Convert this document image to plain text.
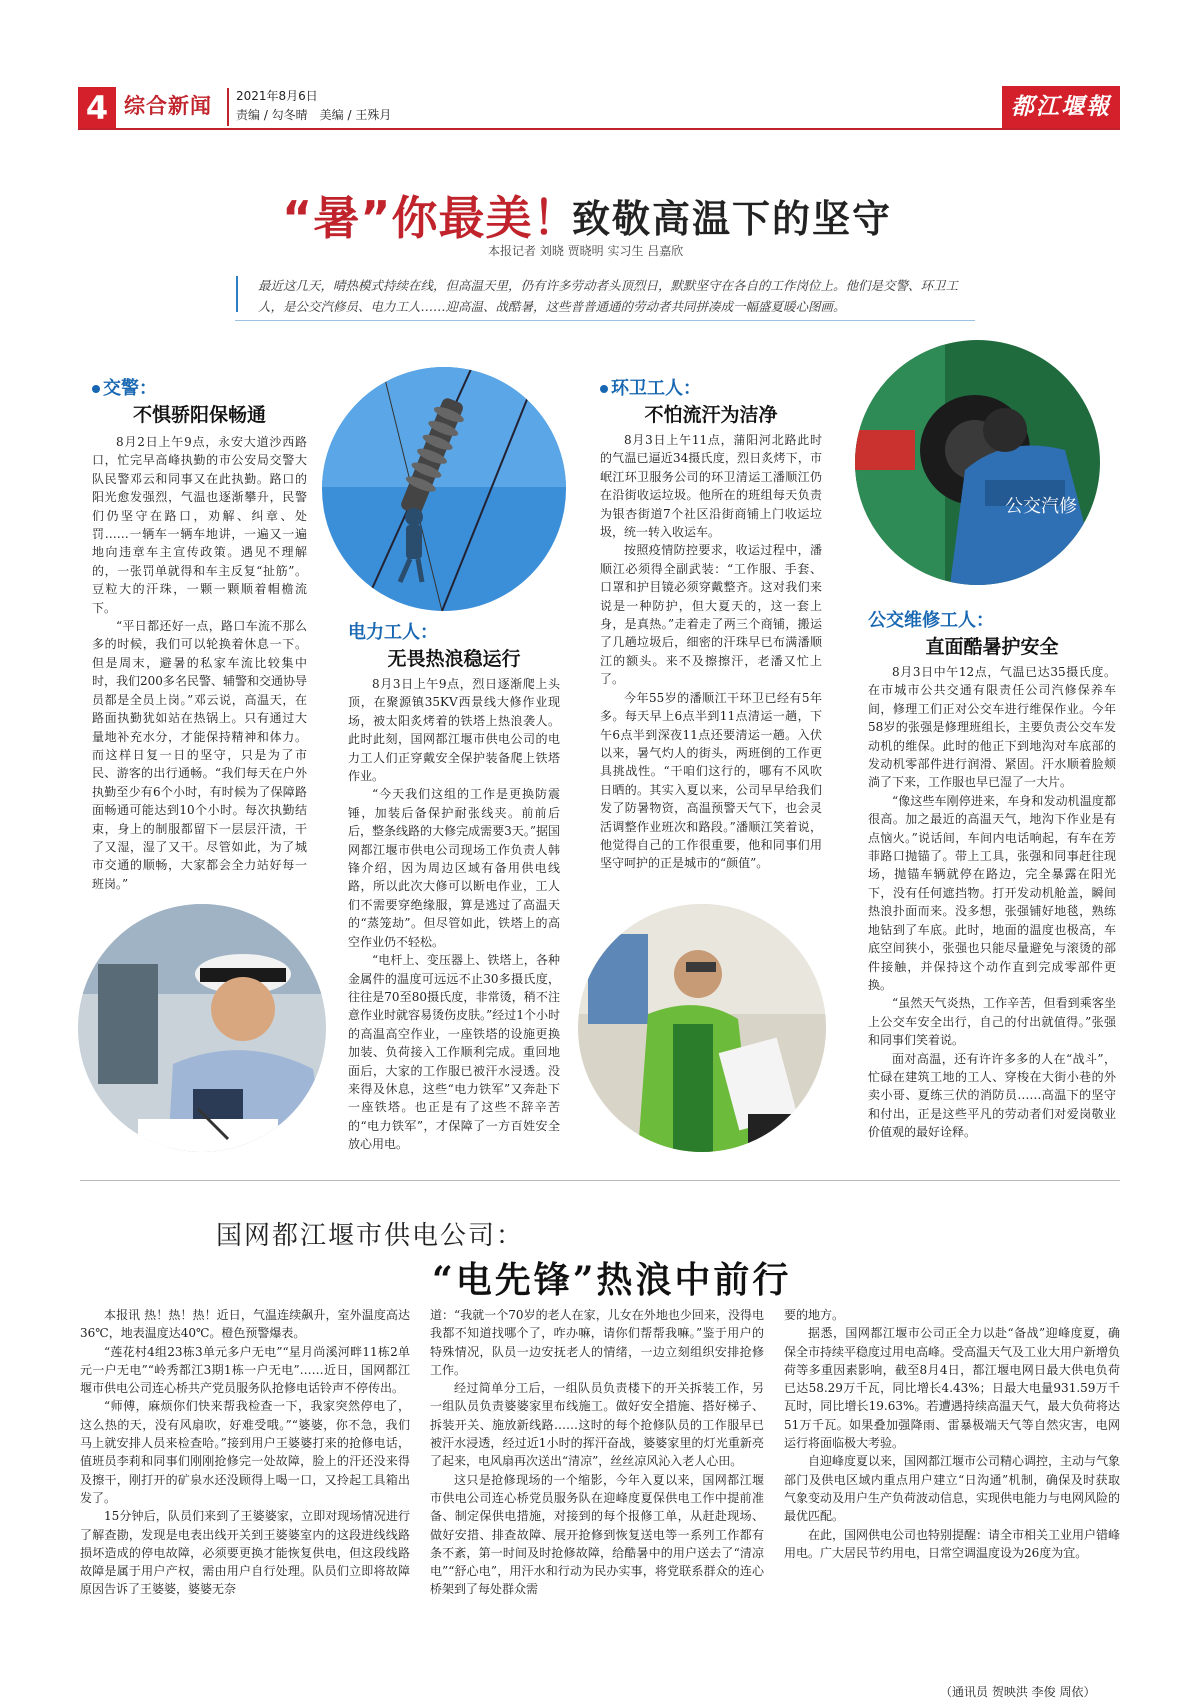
4 综合新闻 2021年8月6日
责编 / 勾冬晴　美编 / 王殊月	都江堰報
“暑”你最美！
致敬高温下的坚守
本报记者 刘晓 贾晓明 实习生 吕嘉欣
最近这几天，晴热模式持续在线，但高温天里，仍有许多劳动者头顶烈日，默默坚守在各自的工作岗位上。他们是交警、环卫工人，是公交汽修员、电力工人……迎高温、战酷暑，这些普普通通的劳动者共同拼凑成一幅盛夏暖心图画。
公交汽修
交警：
不惧骄阳保畅通

8月2日上午9点，永安大道沙西路口，忙完早高峰执勤的市公安局交警大队民警邓云和同事又在此执勤。路口的阳光愈发强烈，气温也逐渐攀升，民警们仍坚守在路口，劝解、纠章、处罚……一辆车一辆车地讲，一遍又一遍地向违章车主宣传政策。遇见不理解的，一张罚单就得和车主反复“扯筋”。豆粒大的汗珠，一颗一颗顺着帽檐流下。

“平日都还好一点，路口车流不那么多的时候，我们可以轮换着休息一下。但是周末，避暑的私家车流比较集中时，我们200多名民警、辅警和交通协导员都是全员上岗。”邓云说，高温天，在路面执勤犹如站在热锅上。只有通过大量地补充水分，才能保持精神和体力。而这样日复一日的坚守，只是为了市民、游客的出行通畅。“我们每天在户外执勤至少有6个小时，有时候为了保障路面畅通可能达到10个小时。每次执勤结束，身上的制服都留下一层层汗渍，干了又湿，湿了又干。尽管如此，为了城市交通的顺畅，大家都会全力站好每一班岗。”

电力工人：
无畏热浪稳运行

8月3日上午9点，烈日逐渐爬上头顶，在聚源镇35KV西景线大修作业现场，被太阳炙烤着的铁塔上热浪袭人。此时此刻，国网都江堰市供电公司的电力工人们正穿戴安全保护装备爬上铁塔作业。

“今天我们这组的工作是更换防震锤，加装后备保护耐张线夹。前前后后，整条线路的大修完成需要3天。”据国网都江堰市供电公司现场工作负责人韩锋介绍，因为周边区域有备用供电线路，所以此次大修可以断电作业，工人们不需要穿绝缘服，算是逃过了高温天的“蒸笼劫”。但尽管如此，铁塔上的高空作业仍不轻松。

“电杆上、变压器上、铁塔上，各种金属件的温度可远远不止30多摄氏度，往往是70至80摄氏度，非常烫，稍不注意作业时就容易烫伤皮肤。”经过1个小时的高温高空作业，一座铁塔的设施更换加装、负荷接入工作顺利完成。重回地面后，大家的工作服已被汗水浸透。没来得及休息，这些“电力铁军”又奔赴下一座铁塔。也正是有了这些不辞辛苦的“电力铁军”，才保障了一方百姓安全放心用电。

环卫工人：
不怕流汗为洁净

8月3日上午11点，蒲阳河北路此时的气温已逼近34摄氏度，烈日炙烤下，市岷江环卫服务公司的环卫清运工潘顺江仍在沿街收运垃圾。他所在的班组每天负责为银杏街道7个社区沿街商铺上门收运垃圾，统一转入收运车。

按照疫情防控要求，收运过程中，潘顺江必须得全副武装：“工作服、手套、口罩和护目镜必须穿戴整齐。这对我们来说是一种防护，但大夏天的，这一套上身，是真热。”走着走了两三个商铺，搬运了几趟垃圾后，细密的汗珠早已布满潘顺江的额头。来不及擦擦汗，老潘又忙上了。

今年55岁的潘顺江干环卫已经有5年多。每天早上6点半到11点清运一趟，下午6点半到深夜11点还要清运一趟。入伏以来，暑气灼人的街头，两班倒的工作更具挑战性。“干咱们这行的，哪有不风吹日晒的。其实入夏以来，公司早早给我们发了防暑物资，高温预警天气下，也会灵活调整作业班次和路段。”潘顺江笑着说，他觉得自己的工作很重要，他和同事们用坚守呵护的正是城市的“颜值”。

公交维修工人：
直面酷暑护安全

8月3日中午12点，气温已达35摄氏度。在市城市公共交通有限责任公司汽修保养车间，修理工们正对公交车进行维保作业。今年58岁的张强是修理班组长，主要负责公交车发动机的维保。此时的他正下到地沟对车底部的发动机零部件进行润滑、紧固。汗水顺着脸颊淌了下来，工作服也早已湿了一大片。

“像这些车刚停进来，车身和发动机温度都很高。加之最近的高温天气，地沟下作业是有点恼火。”说话间，车间内电话响起，有车在芳菲路口抛锚了。带上工具，张强和同事赶往现场，抛锚车辆就停在路边，完全暴露在阳光下，没有任何遮挡物。打开发动机舱盖，瞬间热浪扑面而来。没多想，张强铺好地毯，熟练地钻到了车底。此时，地面的温度也极高，车底空间狭小，张强也只能尽量避免与滚烫的部件接触，并保持这个动作直到完成零部件更换。

“虽然天气炎热，工作辛苦，但看到乘客坐上公交车安全出行，自己的付出就值得。”张强和同事们笑着说。

面对高温，还有许许多多的人在“战斗”，忙碌在建筑工地的工人、穿梭在大街小巷的外卖小哥、夏练三伏的消防员……高温下的坚守和付出，正是这些平凡的劳动者们对爱岗敬业价值观的最好诠释。

国网都江堰市供电公司：
“电先锋”热浪中前行

本报讯 热！热！热！近日，气温连续飙升，室外温度高达36℃，地表温度达40℃。橙色预警爆表。

“莲花村4组23栋3单元多户无电”“星月尚溪河畔11栋2单元一户无电”“岭秀都江3期1栋一户无电”……近日，国网都江堰市供电公司连心桥共产党员服务队抢修电话铃声不停传出。

“师傅，麻烦你们快来帮我检查一下，我家突然停电了，这么热的天，没有风扇吹，好难受哦。”“婆婆，你不急，我们马上就安排人员来检查哈。”接到用户王婆婆打来的抢修电话，值班员李莉和同事们刚刚抢修完一处故障，脸上的汗还没来得及擦干，刚打开的矿泉水还没顾得上喝一口，又拎起工具箱出发了。

15分钟后，队员们来到了王婆婆家，立即对现场情况进行了解查勘，发现是电表出线开关到王婆婆室内的这段进线线路损坏造成的停电故障，必须要更换才能恢复供电，但这段线路故障是属于用户产权，需由用户自行处理。队员们立即将故障原因告诉了王婆婆，婆婆无奈

道：“我就一个70岁的老人在家，儿女在外地也少回来，没得电我都不知道找哪个了，咋办嘛，请你们帮帮我嘛。”鉴于用户的特殊情况，队员一边安抚老人的情绪，一边立刻组织安排抢修工作。

经过简单分工后，一组队员负责楼下的开关拆装工作，另一组队员负责婆婆家里布线施工。做好安全措施、搭好梯子、拆装开关、施放新线路……这时的每个抢修队员的工作服早已被汗水浸透，经过近1小时的挥汗奋战，婆婆家里的灯光重新亮了起来，电风扇再次送出“清凉”，丝丝凉风沁入老人心田。

这只是抢修现场的一个缩影，今年入夏以来，国网都江堰市供电公司连心桥党员服务队在迎峰度夏保供电工作中提前准备、制定保供电措施，对接到的每个报修工单，从赶赴现场、做好安措、排查故障、展开抢修到恢复送电等一系列工作都有条不紊，第一时间及时抢修故障，给酷暑中的用户送去了“清凉电”“舒心电”，用汗水和行动为民办实事，将党联系群众的连心桥架到了每处群众需

要的地方。

据悉，国网都江堰市公司正全力以赴“备战”迎峰度夏，确保全市持续平稳度过用电高峰。受高温天气及工业大用户新增负荷等多重因素影响，截至8月4日，都江堰电网日最大供电负荷已达58.29万千瓦，同比增长4.43%；日最大电量931.59万千瓦时，同比增长19.63%。若遭遇持续高温天气，最大负荷将达51万千瓦。如果叠加强降雨、雷暴极端天气等自然灾害，电网运行将面临极大考验。

自迎峰度夏以来，国网都江堰市公司精心调控，主动与气象部门及供电区域内重点用户建立“日沟通”机制，确保及时获取气象变动及用户生产负荷波动信息，实现供电能力与电网风险的最优匹配。

在此，国网供电公司也特别提醒：请全市相关工业用户错峰用电。广大居民节约用电，日常空调温度设为26度为宜。

（通讯员 贺映洪 李俊 周依）
